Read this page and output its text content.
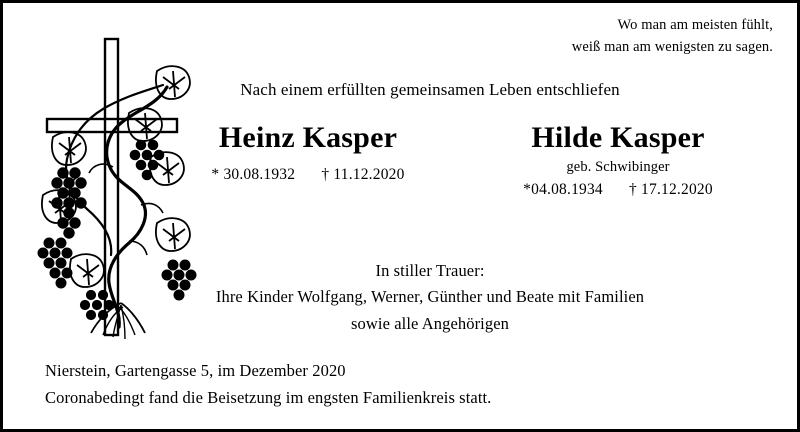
Wo man am meisten fühlt,
weiß man am wenigsten zu sagen.
Nach einem erfüllten gemeinsamen Leben entschliefen
Heinz Kasper
* 30.08.1932 † 11.12.2020
Hilde Kasper
geb. Schwibinger
*04.08.1934 † 17.12.2020
In stiller Trauer:
Ihre Kinder Wolfgang, Werner, Günther und Beate mit Familien
sowie alle Angehörigen
Nierstein, Gartengasse 5, im Dezember 2020
Coronabedingt fand die Beisetzung im engsten Familienkreis statt.
